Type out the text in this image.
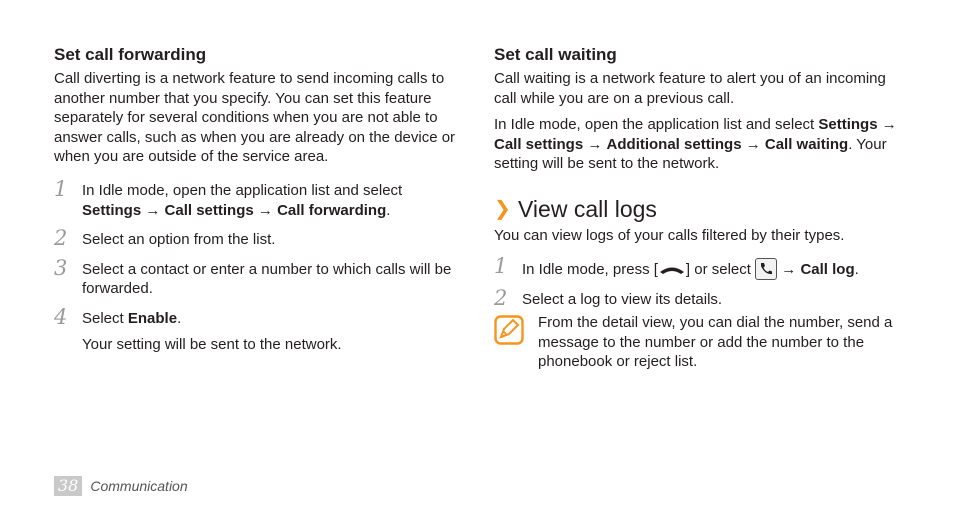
Set call forwarding

Call diverting is a network feature to send incoming calls to another number that you specify. You can set this feature separately for several conditions when you are not able to answer calls, such as when you are already on the device or when you are outside of the service area.

1 In Idle mode, open the application list and select Settings → Call settings → Call forwarding.
2 Select an option from the list.
3 Select a contact or enter a number to which calls will be forwarded.
4 Select Enable.
Your setting will be sent to the network.
Set call waiting

Call waiting is a network feature to alert you of an incoming call while you are on a previous call.

In Idle mode, open the application list and select Settings → Call settings → Additional settings → Call waiting. Your setting will be sent to the network.

❯ View call logs

You can view logs of your calls filtered by their types.

1 In Idle mode, press [ ] or select → Call log.
2 Select a log to view its details.
From the detail view, you can dial the number, send a message to the number or add the number to the phonebook or reject list.
38 Communication
